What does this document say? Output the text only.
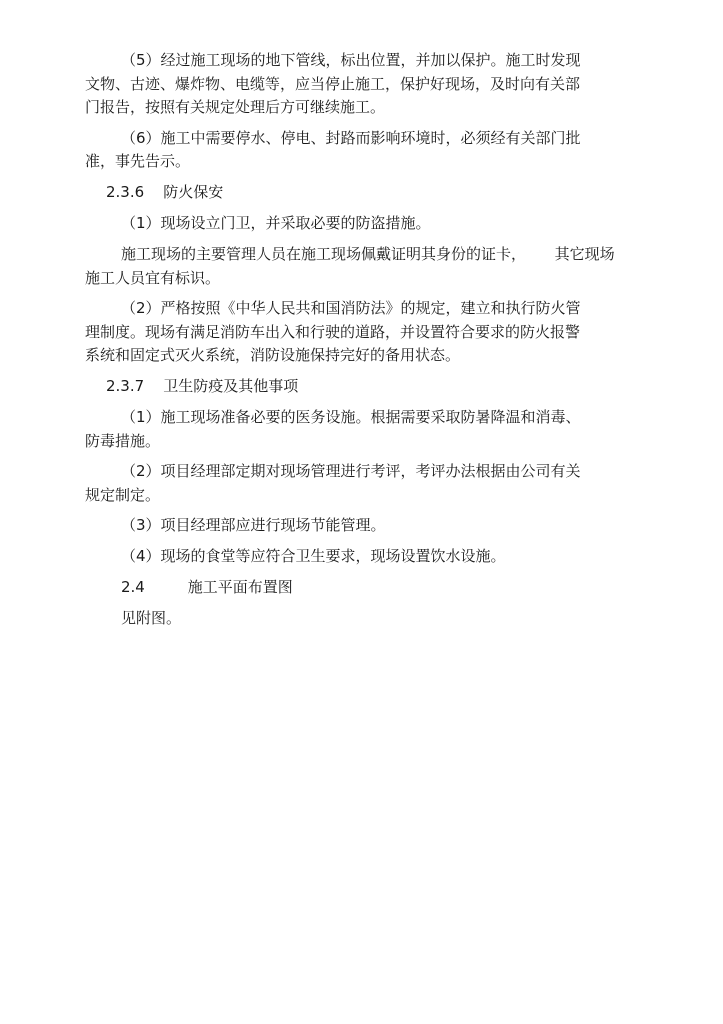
（5）经过施工现场的地下管线，标出位置，并加以保护。施工时发现
文物、古迹、爆炸物、电缆等，应当停止施工，保护好现场，及时向有关部
门报告，按照有关规定处理后方可继续施工。
（6）施工中需要停水、停电、封路而影响环境时，必须经有关部门批
准，事先告示。
2.3.6    防火保安
（1）现场设立门卫，并采取必要的防盗措施。
施工现场的主要管理人员在施工现场佩戴证明其身份的证卡，      其它现场
施工人员宜有标识。
（2）严格按照《中华人民共和国消防法》的规定，建立和执行防火管
理制度。现场有满足消防车出入和行驶的道路，并设置符合要求的防火报警
系统和固定式灭火系统，消防设施保持完好的备用状态。
2.3.7    卫生防疫及其他事项
（1）施工现场准备必要的医务设施。根据需要采取防暑降温和消毒、
防毒措施。
（2）项目经理部定期对现场管理进行考评，考评办法根据由公司有关
规定制定。
（3）项目经理部应进行现场节能管理。
（4）现场的食堂等应符合卫生要求，现场设置饮水设施。
2.4         施工平面布置图
见附图。
